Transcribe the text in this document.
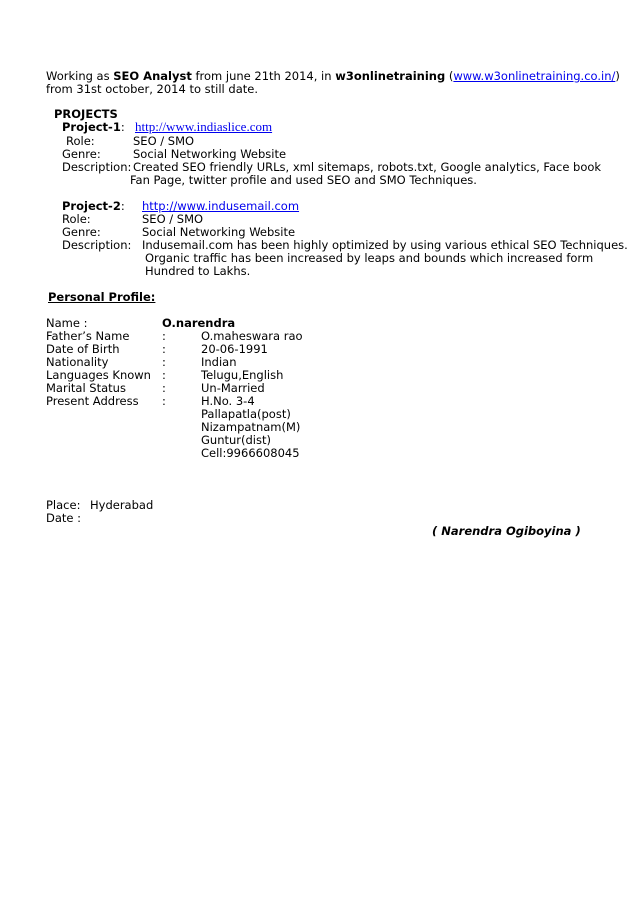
Working as SEO Analyst from june 21th 2014, in w3onlinetraining (www.w3onlinetraining.co.in/)
from 31st october, 2014 to still date.
PROJECTS
Project-1: http://www.indiaslice.com
Role:	SEO / SMO
Genre:	Social Networking Website
Description: Created SEO friendly URLs, xml sitemaps, robots.txt, Google analytics, Face book
Fan Page, twitter profile and used SEO and SMO Techniques.
Project-2: http://www.indusemail.com
Role:	SEO / SMO
Genre:	Social Networking Website
Description: Indusemail.com has been highly optimized by using various ethical SEO Techniques.
Organic traffic has been increased by leaps and bounds which increased form
Hundred to Lakhs.
Personal Profile:
Name :	O.narendra
Father’s Name	:	O.maheswara rao
Date of Birth	:	20-06-1991
Nationality	:	Indian
Languages Known :	Telugu,English
Marital Status	:	Un-Married
Present Address :	H.No. 3-4
Pallapatla(post)
Nizampatnam(M)
Guntur(dist)
Cell:9966608045
Place: Hyderabad
Date :
( Narendra Ogiboyina )
